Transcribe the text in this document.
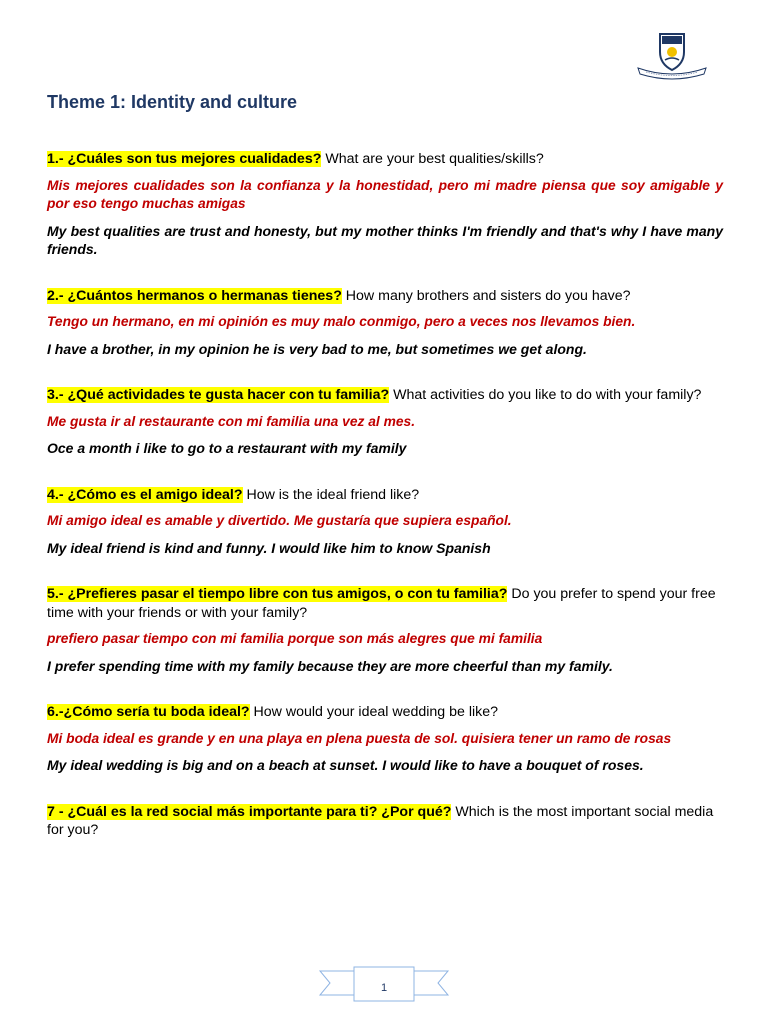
Theme 1: Identity and culture

1.- ¿Cuáles son tus mejores cualidades? What are your best qualities/skills?

Mis mejores cualidades son la confianza y la honestidad, pero mi madre piensa que soy amigable y por eso tengo muchas amigas

My best qualities are trust and honesty, but my mother thinks I'm friendly and that's why I have many friends.

2.- ¿Cuántos hermanos o hermanas tienes? How many brothers and sisters do you have?

Tengo un hermano, en mi opinión es muy malo conmigo, pero a veces nos llevamos bien.

I have a brother, in my opinion he is very bad to me, but sometimes we get along.

3.- ¿Qué actividades te gusta hacer con tu familia? What activities do you like to do with your family?

Me gusta ir al restaurante con mi familia una vez al mes.

Oce a month i like to go to a restaurant with my family

4.- ¿Cómo es el amigo ideal? How is the ideal friend like?

Mi amigo ideal es amable y divertido. Me gustaría que supiera español.

My ideal friend is kind and funny. I would like him to know Spanish

5.- ¿Prefieres pasar el tiempo libre con tus amigos, o con tu familia? Do you prefer to spend your free time with your friends or with your family?

prefiero pasar tiempo con mi familia porque son más alegres que mi familia

I prefer spending time with my family because they are more cheerful than my family.

6.-¿Cómo sería tu boda ideal? How would your ideal wedding be like?

Mi boda ideal es grande y en una playa en plena puesta de sol. quisiera tener un ramo de rosas

My ideal wedding is big and on a beach at sunset. I would like to have a bouquet of roses.

7 - ¿Cuál es la red social más importante para ti? ¿Por qué? Which is the most important social media for you?

1
